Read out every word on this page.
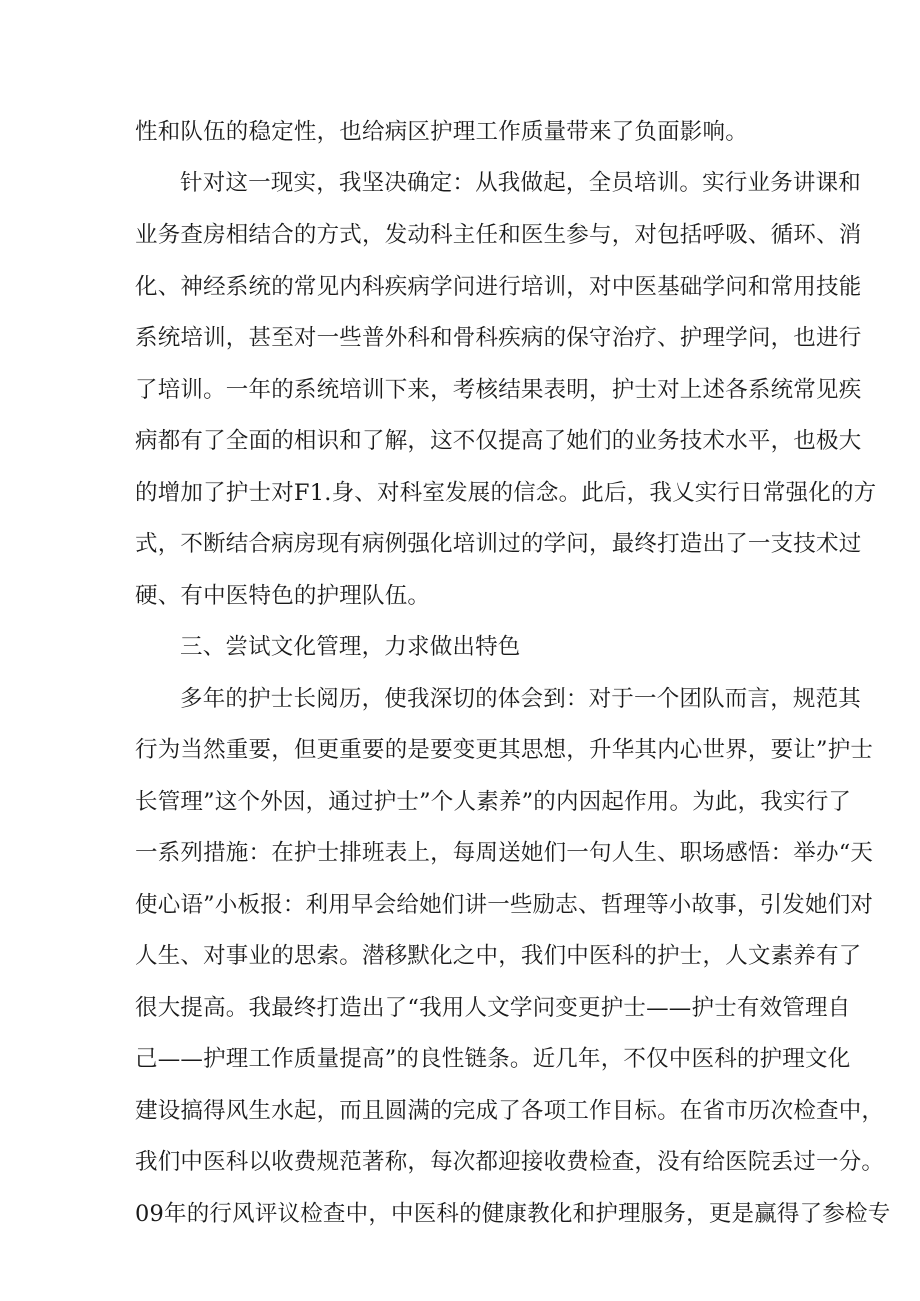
性和队伍的稳定性，也给病区护理工作质量带来了负面影响。
针对这一现实，我坚决确定：从我做起，全员培训。实行业务讲课和
业务查房相结合的方式，发动科主任和医生参与，对包括呼吸、循环、消
化、神经系统的常见内科疾病学问进行培训，对中医基础学问和常用技能
系统培训，甚至对一些普外科和骨科疾病的保守治疗、护理学问，也进行
了培训。一年的系统培训下来，考核结果表明，护士对上述各系统常见疾
病都有了全面的相识和了解，这不仅提高了她们的业务技术水平，也极大
的增加了护士对F1.身、对科室发展的信念。此后，我乂实行日常强化的方
式，不断结合病房现有病例强化培训过的学问，最终打造出了一支技术过
硬、有中医特色的护理队伍。
三、尝试文化管理，力求做出特色
多年的护士长阅历，使我深切的体会到：对于一个团队而言，规范其
行为当然重要，但更重要的是要变更其思想，升华其内心世界，要让”护士
长管理”这个外因，通过护士”个人素养”的内因起作用。为此，我实行了
一系列措施：在护士排班表上，每周送她们一句人生、职场感悟：举办“天
使心语”小板报：利用早会给她们讲一些励志、哲理等小故事，引发她们对
人生、对事业的思索。潜移默化之中，我们中医科的护士，人文素养有了
很大提高。我最终打造出了“我用人文学问变更护士——护士有效管理自
己——护理工作质量提高”的良性链条。近几年，不仅中医科的护理文化
建设搞得风生水起，而且圆满的完成了各项工作目标。在省市历次检查中，
我们中医科以收费规范著称，每次都迎接收费检查，没有给医院丢过一分。
09年的行风评议检查中，中医科的健康教化和护理服务，更是赢得了参检专
